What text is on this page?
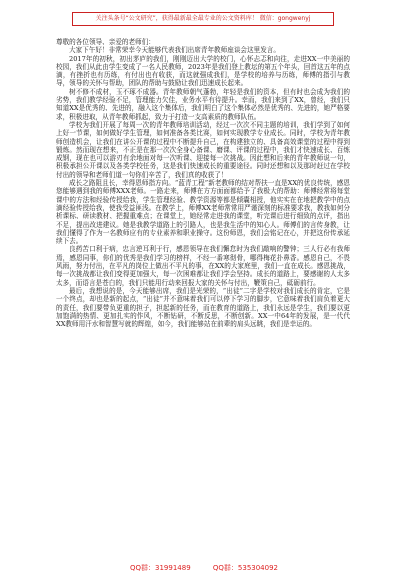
关注头条号“公文研究”，获得最新最全最专业的公文资料库！ 微信：gongwenyj

尊敬的各位领导、亲爱的老师们：

大家下午好！非常荣幸今天能够代表我们出席青年教师座谈会这里发言。

2017年的初秋，初出茅庐的我们，刚刚迈出大学的校门，心怀忐忑和向往，走进XX一中美丽的校园，我们从此由学生变成了一名人民教师，2023年是我们登上教坛的第五个年头，回首这五年的点滴，有挫折也有历练，有付出也有收获，而这就强成我们，是学校的培养与历练，师傅的指引与教导，领导的关怀与帮助，团队的帮助与鼓励让我们迅速成长起来。

树不修不成材，玉不琢不成器。青年教师朝气蓬勃，年轻是我们的资本，但有时也会成为我们的劣势，我们教学经验不足，管理能力欠佳，业务水平有待提升。幸而，我们来到了XX，曾经，我们只知道XX是优秀的、先进的，融入这个集体后，我们明白了这个集体必然是优秀的、先进的，她严格要求，积极进取，从青年教师抓起，致力于打造一支高素质的教师队伍。

学校为我们开展了每周一次的青年教师培训活动，经过一次次不同主题的培训，我们学到了如何上好一节课，如何做好学生管理，如何准备各类比赛，如何实现教学专业成长。同时，学校为青年教师创造机会，让我们在讲公开课的过程中不断提升自己，在构建独立的、具备高效课堂的过程中得到锻炼。然而现在想来，不正是在那一次次全身心备课、磨课、评课的过程中，我们才快速成长、百炼成钢，现在也可以游刃有余地面对每一次听课、迎接每一次挑战。因此想和后来的青年教师说一句，积极承担公开课以及各类学校任务，这是我们快速成长的重要途径。同时还想和以及那时赶过在学校付出的领导和老师们道一句你们辛苦了，我们真的收获了！

成长之路阻且长，幸得恩师指方向。“蓝青工程”新老教师的结对帮扶一直是XX的优良传统，感恩您能够遇到我的师傅XXX老师。一路走来，师傅在方方面面都给予了我极大的帮助：师傅经常将每堂课中的方法和经验传授给我，学生管理经验、教学资源等都是倾囊相授，他实实在在地把教学中的点滴经验传授给我，使我受益匪浅。在教学上，师傅XX老师常常用严谨深刻的标准要求我，教我如何分析课标、研读教材、把握重难点；在课堂上，她经常走进我的课堂，听完课后进行细致的点评，指出不足，提出改进建议。她是我教学道路上的引路人，也是我生活中的知心人。师傅们的言传身教，让我们懂得了作为一名教师应有的专业素养和职业操守。这份师恩，我们会铭记在心，并把这份传承延续下去。

良药苦口利于病，忠言逆耳利于行，感恩领导在我们懈怠时为我们敲响的警钟；三人行必有我师焉，感恩同事，你们的优秀是我们学习的榜样，不经一番寒彻骨，哪得梅花扑鼻香。感恩自己，不畏风雨，努力付出，在平凡的岗位上做出不平凡的事，在XX的大家庭里，我们一直在成长。感恩挑战，每一次挑战都让我们变得更加强大，每一次困难都让我们学会坚持。成长的道路上，要感谢的人太多太多，而语言是苍白的，我们只能用行动来回报大家的关怀与付出，鞭策自己，砥砺前行。

最后，我想说的是，今天能够出席，我们是光荣的，“出徒”二字是学校对我们成长的肯定，它是一个终点，却也是新的起点，“出徒”并不意味着我们可以停下学习的脚步，它意味着我们肩负着更大的责任，我们要带负更重的担子，担起新的任务，而在教育的道路上，我们永远是学生，我们要以更加饱满的热情、更加扎实的作风，不断钻研，不断反思，不断创新。XX一中64年的发展，是一代代XX教师用汗水和智慧写就的辉煌，如今，我们能够站在前辈的肩头远眺，我们是幸运的。

QQ群：31991489	QQ群：535304092
